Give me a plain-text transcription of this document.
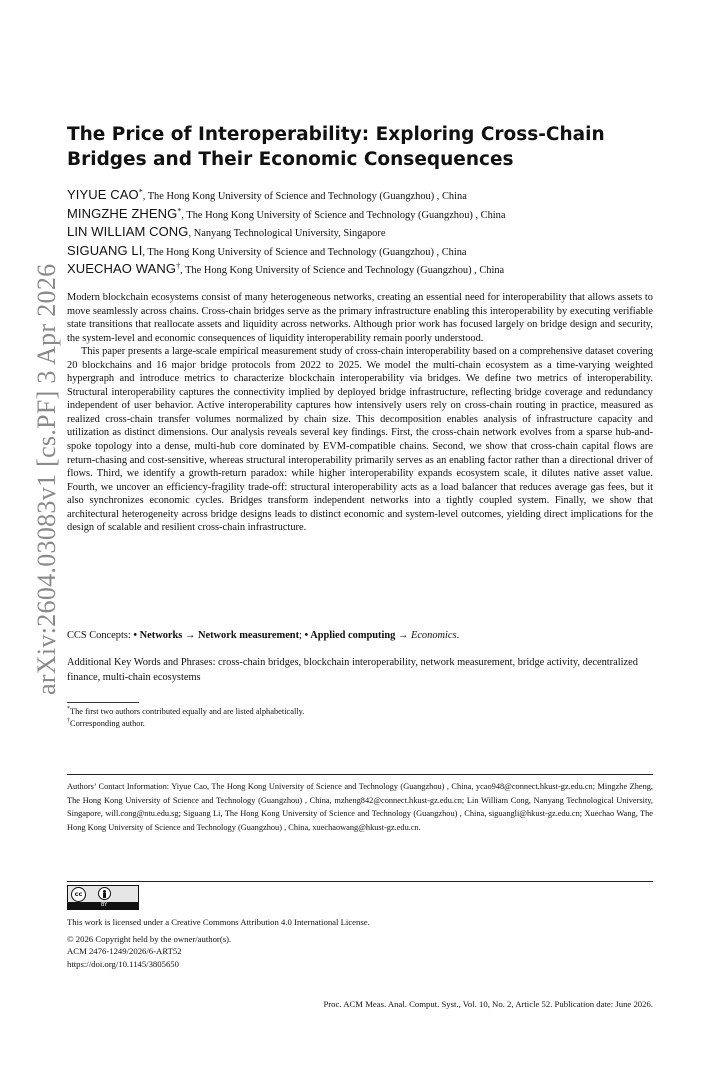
arXiv:2604.03083v1 [cs.PF] 3 Apr 2026
The Price of Interoperability: Exploring Cross-Chain Bridges and Their Economic Consequences
YIYUE CAO*, The Hong Kong University of Science and Technology (Guangzhou) , China
MINGZHE ZHENG*, The Hong Kong University of Science and Technology (Guangzhou) , China
LIN WILLIAM CONG, Nanyang Technological University, Singapore
SIGUANG LI, The Hong Kong University of Science and Technology (Guangzhou) , China
XUECHAO WANG†, The Hong Kong University of Science and Technology (Guangzhou) , China

Modern blockchain ecosystems consist of many heterogeneous networks, creating an essential need for interoperability that allows assets to move seamlessly across chains. Cross-chain bridges serve as the primary infrastructure enabling this interoperability by executing verifiable state transitions that reallocate assets and liquidity across networks. Although prior work has focused largely on bridge design and security, the system-level and economic consequences of liquidity interoperability remain poorly understood.

This paper presents a large-scale empirical measurement study of cross-chain interoperability based on a comprehensive dataset covering 20 blockchains and 16 major bridge protocols from 2022 to 2025. We model the multi-chain ecosystem as a time-varying weighted hypergraph and introduce metrics to characterize blockchain interoperability via bridges. We define two metrics of interoperability. Structural interoperability captures the connectivity implied by deployed bridge infrastructure, reflecting bridge coverage and redundancy independent of user behavior. Active interoperability captures how intensively users rely on cross-chain routing in practice, measured as realized cross-chain transfer volumes normalized by chain size. This decomposition enables analysis of infrastructure capacity and utilization as distinct dimensions. Our analysis reveals several key findings. First, the cross-chain network evolves from a sparse hub-and-spoke topology into a dense, multi-hub core dominated by EVM-compatible chains. Second, we show that cross-chain capital flows are return-chasing and cost-sensitive, whereas structural interoperability primarily serves as an enabling factor rather than a directional driver of flows. Third, we identify a growth-return paradox: while higher interoperability expands ecosystem scale, it dilutes native asset value. Fourth, we uncover an efficiency-fragility trade-off: structural interoperability acts as a load balancer that reduces average gas fees, but it also synchronizes economic cycles. Bridges transform independent networks into a tightly coupled system. Finally, we show that architectural heterogeneity across bridge designs leads to distinct economic and system-level outcomes, yielding direct implications for the design of scalable and resilient cross-chain infrastructure.

CCS Concepts: • Networks → Network measurement; • Applied computing → Economics.
Additional Key Words and Phrases: cross-chain bridges, blockchain interoperability, network measurement, bridge activity, decentralized finance, multi-chain ecosystems
*The first two authors contributed equally and are listed alphabetically.
†Corresponding author.
Authors’ Contact Information: Yiyue Cao, The Hong Kong University of Science and Technology (Guangzhou) , China, ycao948@connect.hkust-gz.edu.cn; Mingzhe Zheng, The Hong Kong University of Science and Technology (Guangzhou) , China, mzheng842@connect.hkust-gz.edu.cn; Lin William Cong, Nanyang Technological University, Singapore, will.cong@ntu.edu.sg; Siguang Li, The Hong Kong University of Science and Technology (Guangzhou) , China, siguangli@hkust-gz.edu.cn; Xuechao Wang, The Hong Kong University of Science and Technology (Guangzhou) , China, xuechaowang@hkust-gz.edu.cn.
cc
BY
This work is licensed under a Creative Commons Attribution 4.0 International License.
© 2026 Copyright held by the owner/author(s).
ACM 2476-1249/2026/6-ART52
https://doi.org/10.1145/3805650
Proc. ACM Meas. Anal. Comput. Syst., Vol. 10, No. 2, Article 52. Publication date: June 2026.
